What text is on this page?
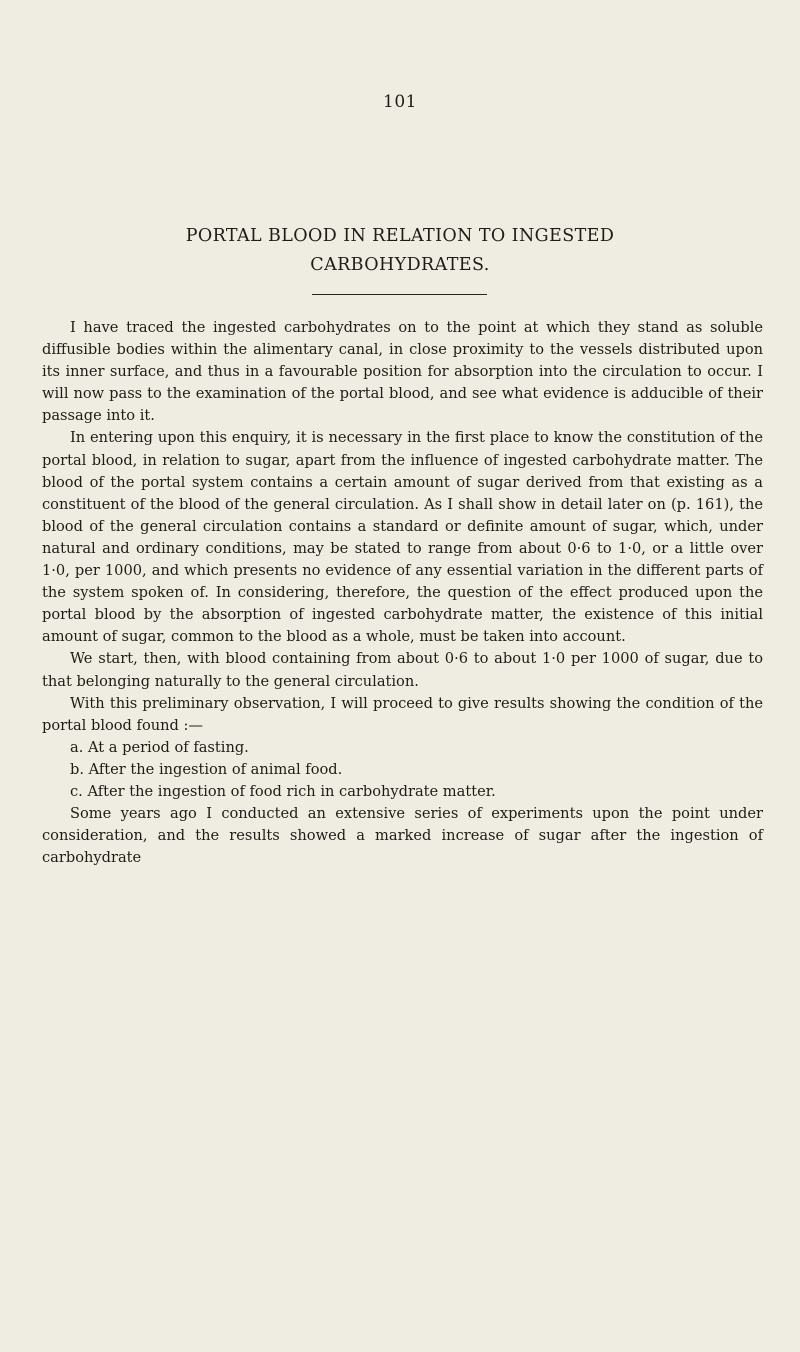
101
PORTAL BLOOD IN RELATION TO INGESTED
CARBOHYDRATES.

I have traced the ingested carbohydrates on to the point at which they stand as soluble diffusible bodies within the alimentary canal, in close proximity to the vessels distributed upon its inner surface, and thus in a favourable position for absorption into the circulation to occur. I will now pass to the examination of the portal blood, and see what evidence is adducible of their passage into it.

In entering upon this enquiry, it is necessary in the first place to know the constitution of the portal blood, in relation to sugar, apart from the influence of ingested carbohydrate matter. The blood of the portal system contains a certain amount of sugar derived from that existing as a constituent of the blood of the general circulation. As I shall show in detail later on (p. 161), the blood of the general circulation contains a standard or definite amount of sugar, which, under natural and ordinary conditions, may be stated to range from about 0·6 to 1·0, or a little over 1·0, per 1000, and which presents no evidence of any essential variation in the different parts of the system spoken of. In considering, therefore, the question of the effect produced upon the portal blood by the absorption of ingested carbohydrate matter, the existence of this initial amount of sugar, common to the blood as a whole, must be taken into account.

We start, then, with blood containing from about 0·6 to about 1·0 per 1000 of sugar, due to that belonging naturally to the general circulation.

With this preliminary observation, I will proceed to give results showing the condition of the portal blood found :—

a. At a period of fasting.

b. After the ingestion of animal food.

c. After the ingestion of food rich in carbohydrate matter.

Some years ago I conducted an extensive series of experiments upon the point under consideration, and the results showed a marked increase of sugar after the ingestion of carbohydrate
